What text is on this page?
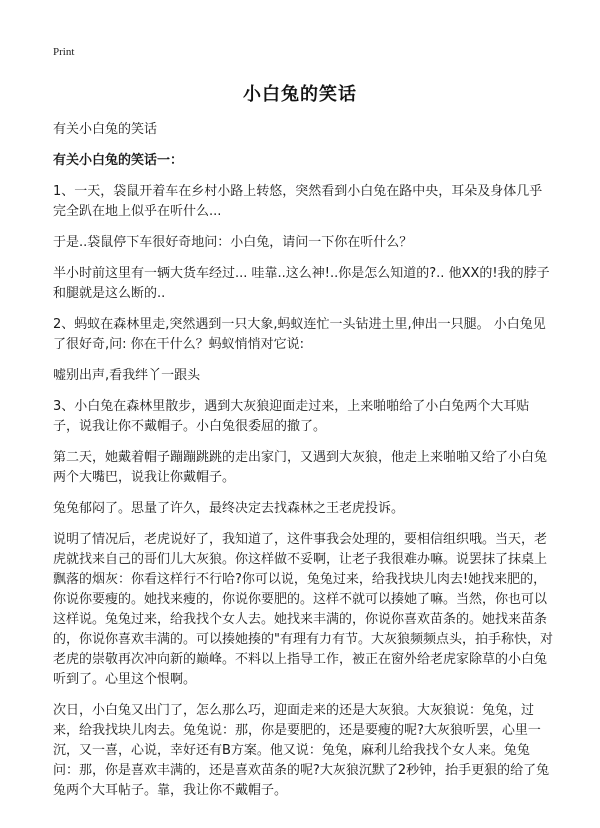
Print
小白兔的笑话

有关小白兔的笑话

有关小白兔的笑话一：

1、一天，袋鼠开着车在乡村小路上转悠，突然看到小白兔在路中央，耳朵及身体几乎完全趴在地上似乎在听什么...

于是..袋鼠停下车很好奇地问：小白兔，请问一下你在听什么？

半小时前这里有一辆大货车经过... 哇靠..这么神!..你是怎么知道的?.. 他XX的!我的脖子和腿就是这么断的..

2、蚂蚁在森林里走,突然遇到一只大象,蚂蚁连忙一头钻进土里,伸出一只腿。 小白兔见了很好奇,问: 你在干什么？蚂蚁悄悄对它说:

嘘别出声,看我绊丫一跟头

3、小白兔在森林里散步，遇到大灰狼迎面走过来，上来啪啪给了小白兔两个大耳贴子，说我让你不戴帽子。小白兔很委屈的撤了。

第二天，她戴着帽子蹦蹦跳跳的走出家门，又遇到大灰狼，他走上来啪啪又给了小白兔两个大嘴巴，说我让你戴帽子。

兔兔郁闷了。思量了许久，最终决定去找森林之王老虎投诉。

说明了情况后，老虎说好了，我知道了，这件事我会处理的，要相信组织哦。当天，老虎就找来自己的哥们儿大灰狼。你这样做不妥啊，让老子我很难办嘛。说罢抹了抹桌上飘落的烟灰：你看这样行不行哈?你可以说，兔兔过来，给我找块儿肉去!她找来肥的，你说你要瘦的。她找来瘦的，你说你要肥的。这样不就可以揍她了嘛。当然，你也可以这样说。兔兔过来，给我找个女人去。她找来丰满的，你说你喜欢苗条的。她找来苗条的，你说你喜欢丰满的。可以揍她揍的"有理有力有节。大灰狼频频点头，拍手称快，对老虎的崇敬再次冲向新的巅峰。不料以上指导工作，被正在窗外给老虎家除草的小白兔听到了。心里这个恨啊。

次日，小白兔又出门了，怎么那么巧，迎面走来的还是大灰狼。大灰狼说：兔兔，过来，给我找块儿肉去。兔兔说：那，你是要肥的，还是要瘦的呢?大灰狼听罢，心里一沉，又一喜，心说，幸好还有B方案。他又说：兔兔，麻利儿给我找个女人来。兔兔问：那，你是喜欢丰满的，还是喜欢苗条的呢?大灰狼沉默了2秒钟，抬手更狠的给了兔兔两个大耳帖子。靠，我让你不戴帽子。
